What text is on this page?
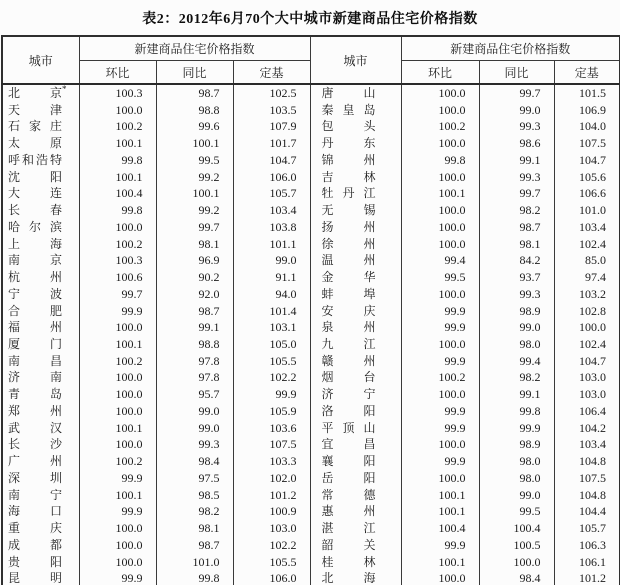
表2：2012年6月70个大中城市新建商品住宅价格指数
城市	新建商品住宅价格指数			城市	新建商品住宅价格指数		
	环比	同比	定基		环比	同比	定基
北京*	100.3	98.7	102.5	唐山	100.0	99.7	101.5
天津	100.0	98.8	103.5	秦皇岛	100.0	99.0	106.9
石家庄	100.2	99.6	107.9	包头	100.2	99.3	104.0
太原	100.1	100.1	101.7	丹东	100.0	98.6	107.5
呼和浩特	99.8	99.5	104.7	锦州	99.8	99.1	104.7
沈阳	100.1	99.2	106.0	吉林	100.0	99.3	105.6
大连	100.4	100.1	105.7	牡丹江	100.1	99.7	106.6
长春	99.8	99.2	103.4	无锡	100.0	98.2	101.0
哈尔滨	100.0	99.7	103.8	扬州	100.0	98.7	103.4
上海	100.2	98.1	101.1	徐州	100.0	98.1	102.4
南京	100.3	96.9	99.0	温州	99.4	84.2	85.0
杭州	100.6	90.2	91.1	金华	99.5	93.7	97.4
宁波	99.7	92.0	94.0	蚌埠	100.0	99.3	103.2
合肥	99.9	98.7	101.4	安庆	99.9	98.9	102.8
福州	100.0	99.1	103.1	泉州	99.9	99.0	100.0
厦门	100.1	98.8	105.0	九江	100.0	98.0	102.4
南昌	100.2	97.8	105.5	赣州	99.9	99.4	104.7
济南	100.0	97.8	102.2	烟台	100.2	98.2	103.0
青岛	100.0	95.7	99.9	济宁	100.0	99.1	103.0
郑州	100.0	99.0	105.9	洛阳	99.9	99.8	106.4
武汉	100.1	99.0	103.6	平顶山	99.9	99.9	104.2
长沙	100.0	99.3	107.5	宜昌	100.0	98.9	103.4
广州	100.2	98.4	103.3	襄阳	99.9	98.0	104.8
深圳	99.9	97.5	102.0	岳阳	100.0	98.0	107.5
南宁	100.1	98.5	101.2	常德	100.1	99.0	104.8
海口	99.9	98.2	100.9	惠州	100.1	99.5	104.4
重庆	100.0	98.1	103.0	湛江	100.4	100.4	105.7
成都	100.0	98.7	102.2	韶关	99.9	100.5	106.3
贵阳	100.0	101.0	105.5	桂林	100.1	100.0	106.1
昆明	99.9	99.8	106.0	北海	100.0	98.4	101.2
